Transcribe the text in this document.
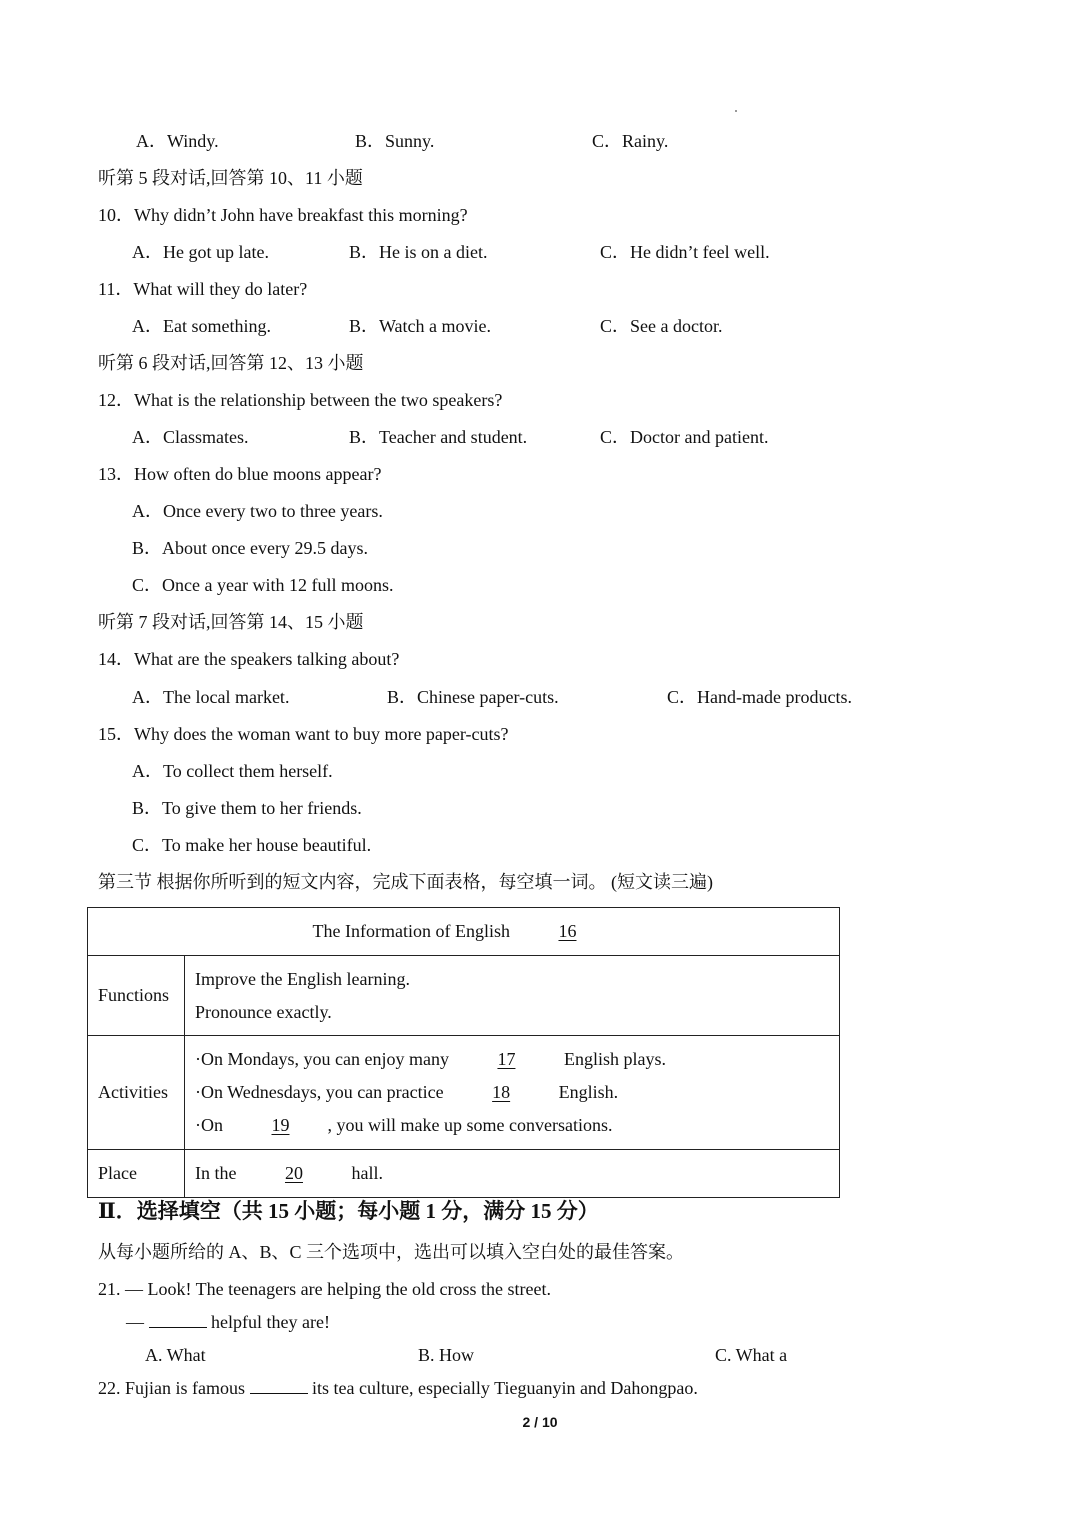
A．Windy.	B．Sunny.	C．Rainy.
听第 5 段对话,回答第 10、11 小题
10．Why didn’t John have breakfast this morning?
A．He got up late.	B．He is on a diet.	C．He didn’t feel well.
11．What will they do later?
A．Eat something.	B．Watch a movie.	C．See a doctor.
听第 6 段对话,回答第 12、13 小题
12．What is the relationship between the two speakers?
A．Classmates.	B．Teacher and student.	C．Doctor and patient.
13．How often do blue moons appear?
A．Once every two to three years.
B．About once every 29.5 days.
C．Once a year with 12 full moons.
听第 7 段对话,回答第 14、15 小题
14．What are the speakers talking about?
A．The local market.	B．Chinese paper-cuts.	C．Hand-made products.
15．Why does the woman want to buy more paper-cuts?
A．To collect them herself.
B．To give them to her friends.
C．To make her house beautiful.
第三节 根据你所听到的短文内容，完成下面表格，每空填一词。 (短文读三遍)
The Information of English 16	
Functions	Improve the English learning.
Pronounce exactly.

Activities	·On Mondays, you can enjoy many 17 English plays.
·On Wednesdays, you can practice 18 English.
·On 19 , you will make up some conversations.

Place	In the 20 hall.
Ⅱ．选择填空（共 15 小题；每小题 1 分，满分 15 分）
从每小题所给的 A、B、C 三个选项中，选出可以填入空白处的最佳答案。
21. — Look! The teenagers are helping the old cross the street.
—	helpful they are!
A. What	B. How	C. What a
22. Fujian is famous	its tea culture, especially Tieguanyin and Dahongpao.
2 / 10
